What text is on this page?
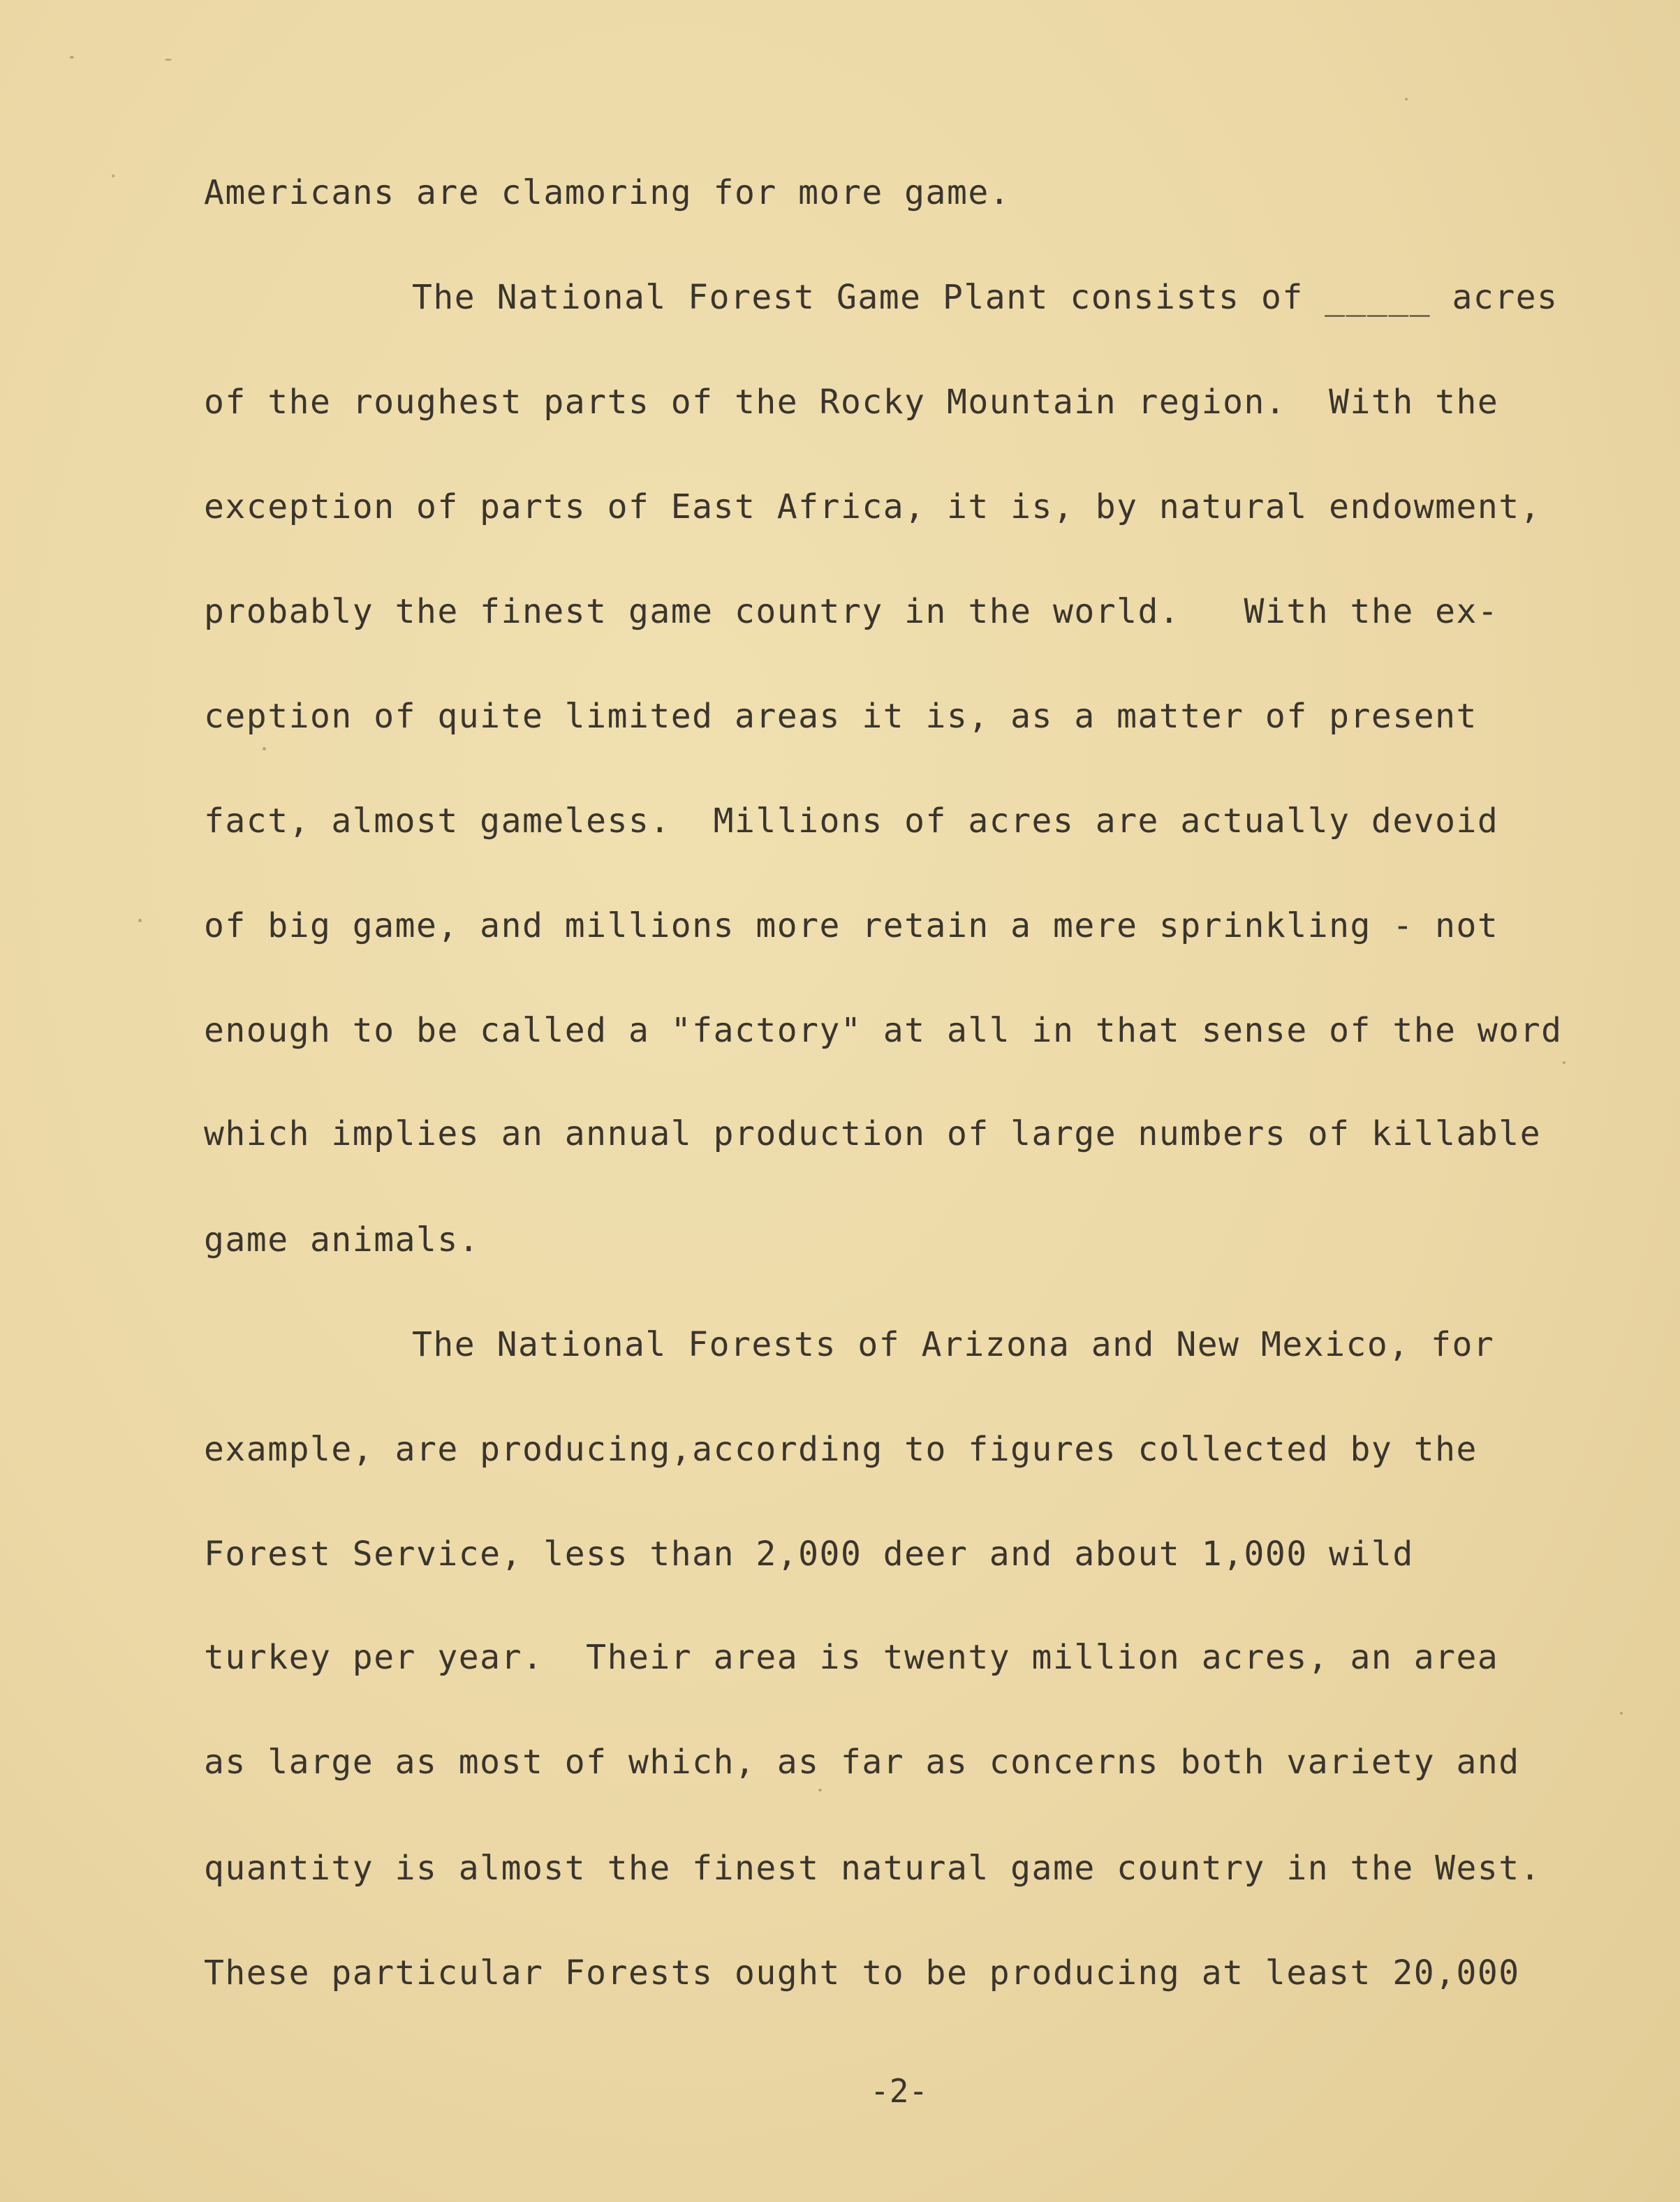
Americans are clamoring for more game.

The National Forest Game Plant consists of _____ acres

of the roughest parts of the Rocky Mountain region.  With the

exception of parts of East Africa, it is, by natural endowment,

probably the finest game country in the world.   With the ex-

ception of quite limited areas it is, as a matter of present

fact, almost gameless.  Millions of acres are actually devoid

of big game, and millions more retain a mere sprinkling - not

enough to be called a "factory" at all in that sense of the word

which implies an annual production of large numbers of killable

game animals.

The National Forests of Arizona and New Mexico, for

example, are producing,according to figures collected by the

Forest Service, less than 2,000 deer and about 1,000 wild

turkey per year.  Their area is twenty million acres, an area

as large as most of which, as far as concerns both variety and

quantity is almost the finest natural game country in the West.

These particular Forests ought to be producing at least 20,000

-2-
